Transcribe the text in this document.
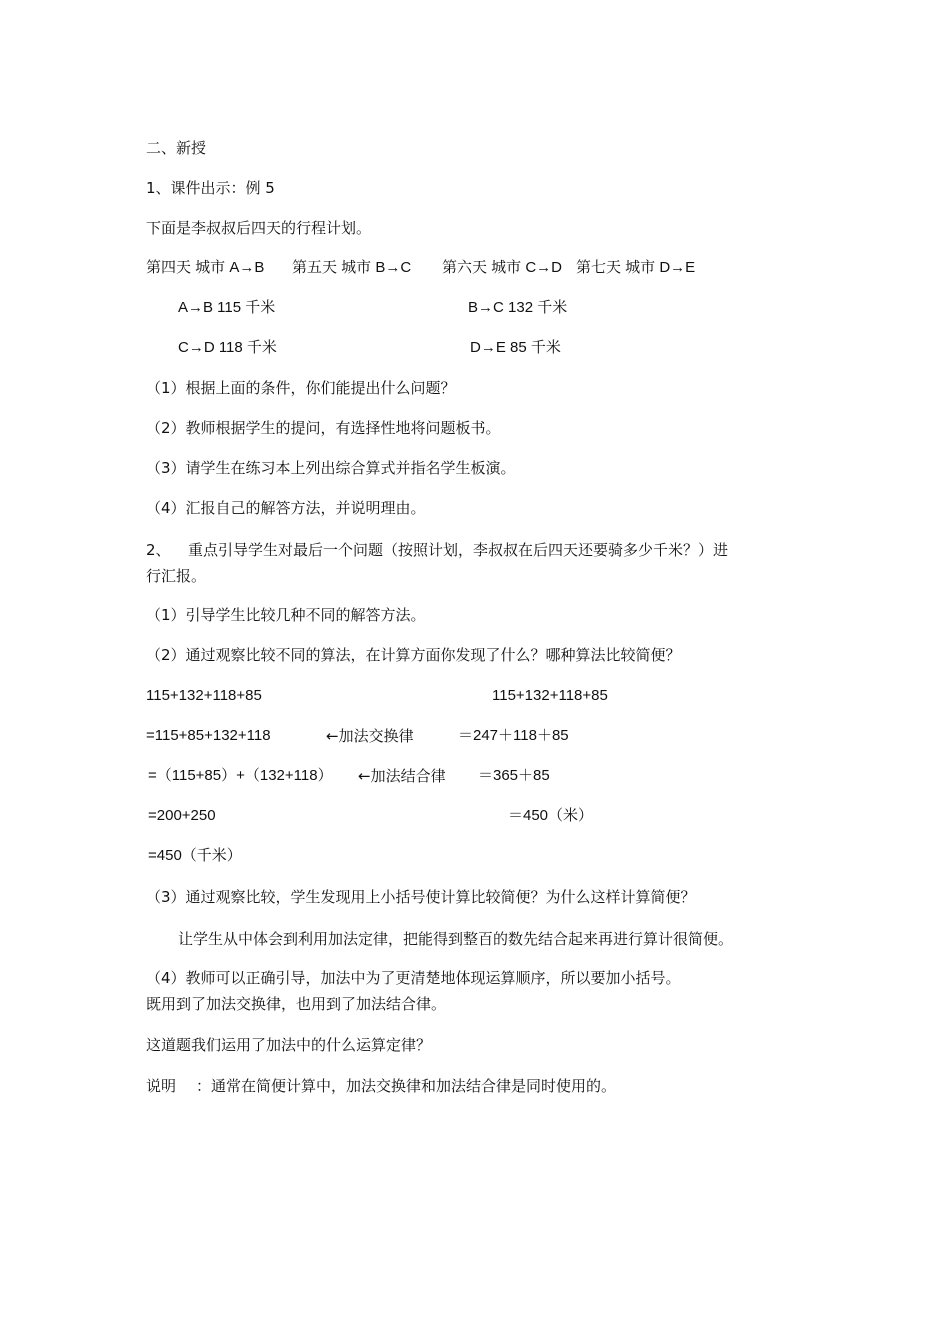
二、新授
1、课件出示：例 5
下面是李叔叔后四天的行程计划。
第四天 城市 A→B 第五天 城市 B→C 第六天 城市 C→D 第七天 城市 D→E
A→B 115 千米	B→C 132 千米
C→D 118 千米	D→E 85 千米
（1）根据上面的条件，你们能提出什么问题？
（2）教师根据学生的提问，有选择性地将问题板书。
（3）请学生在练习本上列出综合算式并指名学生板演。
（4）汇报自己的解答方法，并说明理由。
2、 重点引导学生对最后一个问题（按照计划，李叔叔在后四天还要骑多少千米？）进
行汇报。
（1）引导学生比较几种不同的解答方法。
（2）通过观察比较不同的算法，在计算方面你发现了什么？哪种算法比较简便？
115+132+118+85	115+132+118+85
=115+85+132+118	←加法交换律	＝247＋118＋85
=（115+85）+（132+118） ←加法结合律 ＝365＋85
=200+250	＝450（米）
=450（千米）
（3）通过观察比较，学生发现用上小括号使计算比较简便？为什么这样计算简便？
让学生从中体会到利用加法定律，把能得到整百的数先结合起来再进行算计很简便。
（4）教师可以正确引导，加法中为了更清楚地体现运算顺序，所以要加小括号。
既用到了加法交换律，也用到了加法结合律。
这道题我们运用了加法中的什么运算定律？
说明 ：通常在简便计算中，加法交换律和加法结合律是同时使用的。
